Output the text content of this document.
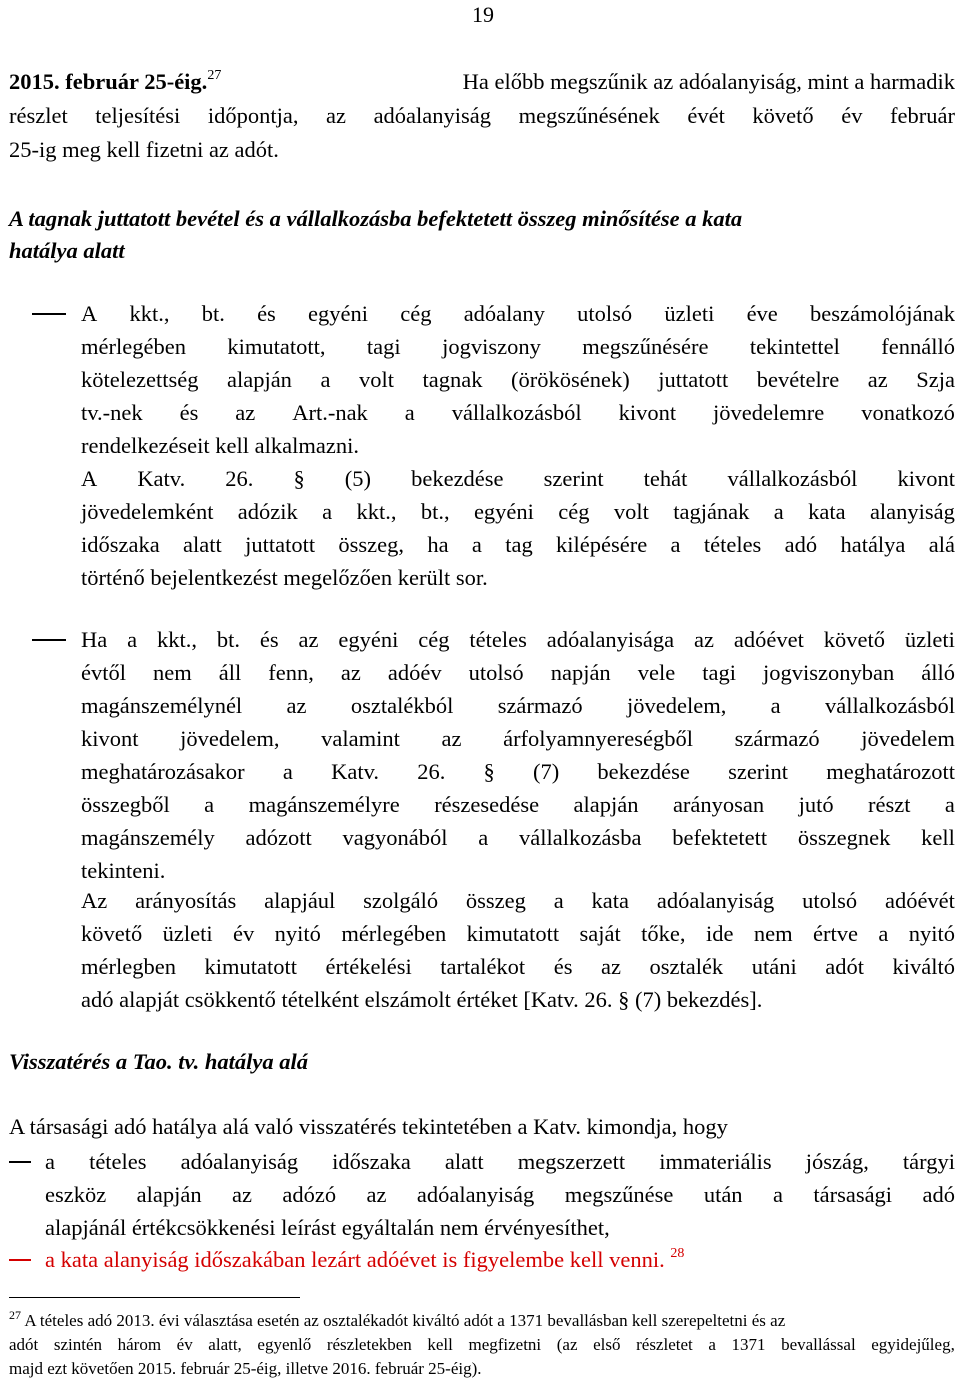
19
2015. február 25-éig.$^{27}$	Ha előbb megszűnik az adóalanyiság, mint a harmadik
részlet teljesítési időpontja, az adóalanyiság megszűnésének évét követő év február
25-ig meg kell fizetni az adót.
A tagnak juttatott bevétel és a vállalkozásba befektetett összeg minősítése a kata
hatálya alatt
A kkt., bt. és egyéni cég adóalany utolsó üzleti éve beszámolójának
mérlegében kimutatott, tagi jogviszony megszűnésére tekintettel fennálló
kötelezettség alapján a volt tagnak (örökösének) juttatott bevételre az Szja
tv.-nek és az Art.-nak a vállalkozásból kivont jövedelemre vonatkozó
rendelkezéseit kell alkalmazni.
A Katv. 26. § (5) bekezdése szerint tehát vállalkozásból kivont
jövedelemként adózik a kkt., bt., egyéni cég volt tagjának a kata alanyiság
időszaka alatt juttatott összeg, ha a tag kilépésére a tételes adó hatálya alá
történő bejelentkezést megelőzően került sor.
Ha a kkt., bt. és az egyéni cég tételes adóalanyisága az adóévet követő üzleti
évtől nem áll fenn, az adóév utolsó napján vele tagi jogviszonyban álló
magánszemélynél az osztalékból származó jövedelem, a vállalkozásból
kivont jövedelem, valamint az árfolyamnyereségből származó jövedelem
meghatározásakor a Katv. 26. § (7) bekezdése szerint meghatározott
összegből a magánszemélyre részesedése alapján arányosan jutó részt a
magánszemély adózott vagyonából a vállalkozásba befektetett összegnek kell
tekinteni.
Az arányosítás alapjául szolgáló összeg a kata adóalanyiság utolsó adóévét
követő üzleti év nyitó mérlegében kimutatott saját tőke, ide nem értve a nyitó
mérlegben kimutatott értékelési tartalékot és az osztalék utáni adót kiváltó
adó alapját csökkentő tételként elszámolt értéket [Katv. 26. § (7) bekezdés].
Visszatérés a Tao. tv. hatálya alá
A társasági adó hatálya alá való visszatérés tekintetében a Katv. kimondja, hogy
a tételes adóalanyiság időszaka alatt megszerzett immateriális jószág, tárgyi
eszköz alapján az adózó az adóalanyiság megszűnése után a társasági adó
alapjánál értékcsökkenési leírást egyáltalán nem érvényesíthet,
a kata alanyiság időszakában lezárt adóévet is figyelembe kell venni. $^{28}$
$^{27}$ A tételes adó 2013. évi választása esetén az osztalékadót kiváltó adót a 1371 bevallásban kell szerepeltetni és az
adót szintén három év alatt, egyenlő részletekben kell megfizetni (az első részletet a 1371 bevallással egyidejűleg,
majd ezt követően 2015. február 25-éig, illetve 2016. február 25-éig).
